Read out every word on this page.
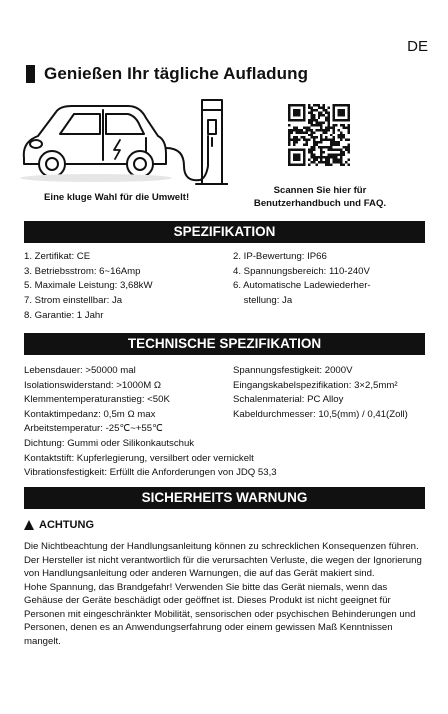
DE
Genießen Ihr tägliche Aufladung
Eine kluge Wahl für die Umwelt!
Scannen Sie hier für
Benutzerhandbuch und FAQ.
SPEZIFIKATION
1. Zertifikat: CE
3. Betriebsstrom: 6~16Amp
5. Maximale Leistung: 3,68kW
7. Strom einstellbar: Ja
8. Garantie: 1 Jahr
2. IP-Bewertung: IP66
4. Spannungsbereich: 110-240V
6. Automatische Ladewiederher-
stellung: Ja
TECHNISCHE SPEZIFIKATION
Lebensdauer: >50000 mal
Isolationswiderstand: >1000M Ω
Klemmentemperaturanstieg: <50K
Kontaktimpedanz: 0,5m Ω max
Arbeitstemperatur: -25℃~+55℃
Spannungsfestigkeit: 2000V
Eingangskabelspezifikation: 3×2,5mm²
Schalenmaterial: PC Alloy
Kabeldurchmesser: 10,5(mm) / 0,41(Zoll)
Dichtung: Gummi oder Silikonkautschuk
Kontaktstift: Kupferlegierung, versilbert oder vernickelt
Vibrationsfestigkeit: Erfüllt die Anforderungen von JDQ 53,3
SICHERHEITS WARNUNG
ACHTUNG

Die Nichtbeachtung der Handlungsanleitung können zu schrecklichen Konsequenzen führen.

Der Hersteller ist nicht verantwortlich für die verursachten Verluste, die wegen der Ignorierung von Handlungsanleitung oder anderen Warnungen, die auf das Gerät makiert sind.

Hohe Spannung, das Brandgefahr! Verwenden Sie bitte das Gerät niemals, wenn das Gehäuse der Geräte beschädigt oder geöffnet ist. Dieses Produkt ist nicht geeignet für Personen mit eingeschränkter Mobilität, sensorischen oder psychischen Behinderungen und Personen, denen es an Anwendungserfahrung oder einem gewissen Maß Kenntnissen mangelt.
